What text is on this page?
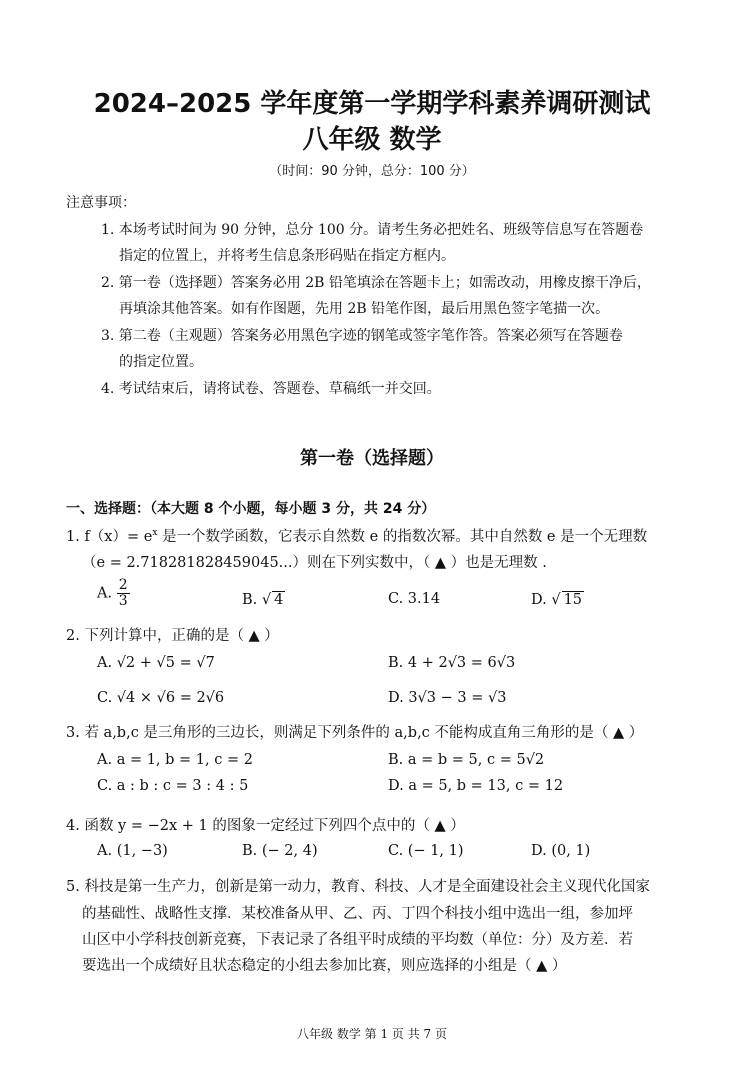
2024–2025 学年度第一学期学科素养调研测试
八年级 数学
（时间：90 分钟，总分：100 分）
注意事项：
1. 本场考试时间为 90 分钟，总分 100 分。请考生务必把姓名、班级等信息写在答题卷
指定的位置上，并将考生信息条形码贴在指定方框内。
2. 第一卷（选择题）答案务必用 2B 铅笔填涂在答题卡上；如需改动，用橡皮擦干净后，
再填涂其他答案。如有作图题，先用 2B 铅笔作图，最后用黑色签字笔描一次。
3. 第二卷（主观题）答案务必用黑色字迹的钢笔或签字笔作答。答案必须写在答题卷
的指定位置。
4. 考试结束后，请将试卷、答题卷、草稿纸一并交回。
第一卷（选择题）
一、选择题：（本大题 8 个小题，每小题 3 分，共 24 分）
1. $f(x)= e^x$ 是一个数学函数，它表示自然数 e 的指数次幂。其中自然数 e 是一个无理数
（e = 2.718281828459045...）则在下列实数中，（ ▲ ）也是无理数 .
A. $\frac{2}{3}$	B. √ 4	C. 3.14	D. √ 15
2. 下列计算中，正确的是（ ▲ ）
A. √2 + √5 = √7	B. 4 + 2√3 = 6√3
C. √4 × √6 = 2√6	D. 3√3 − 3 = √3
3. 若 a,b,c 是三角形的三边长，则满足下列条件的 a,b,c 不能构成直角三角形的是（ ▲ ）
A. a = 1, b = 1, c = 2	B. a = b = 5, c = 5√2
C. a : b : c = 3 : 4 : 5	D. a = 5, b = 13, c = 12
4. 函数 y = −2x + 1 的图象一定经过下列四个点中的（ ▲ ）
A. (1, −3)	B. (− 2, 4)	C. (− 1, 1)	D. (0, 1)
5. 科技是第一生产力，创新是第一动力，教育、科技、人才是全面建设社会主义现代化国家
的基础性、战略性支撑．某校准备从甲、乙、丙、丁四个科技小组中选出一组，参加坪
山区中小学科技创新竞赛，下表记录了各组平时成绩的平均数（单位：分）及方差．若
要选出一个成绩好且状态稳定的小组去参加比赛，则应选择的小组是（ ▲ ）
八年级 数学 第 1 页 共 7 页
